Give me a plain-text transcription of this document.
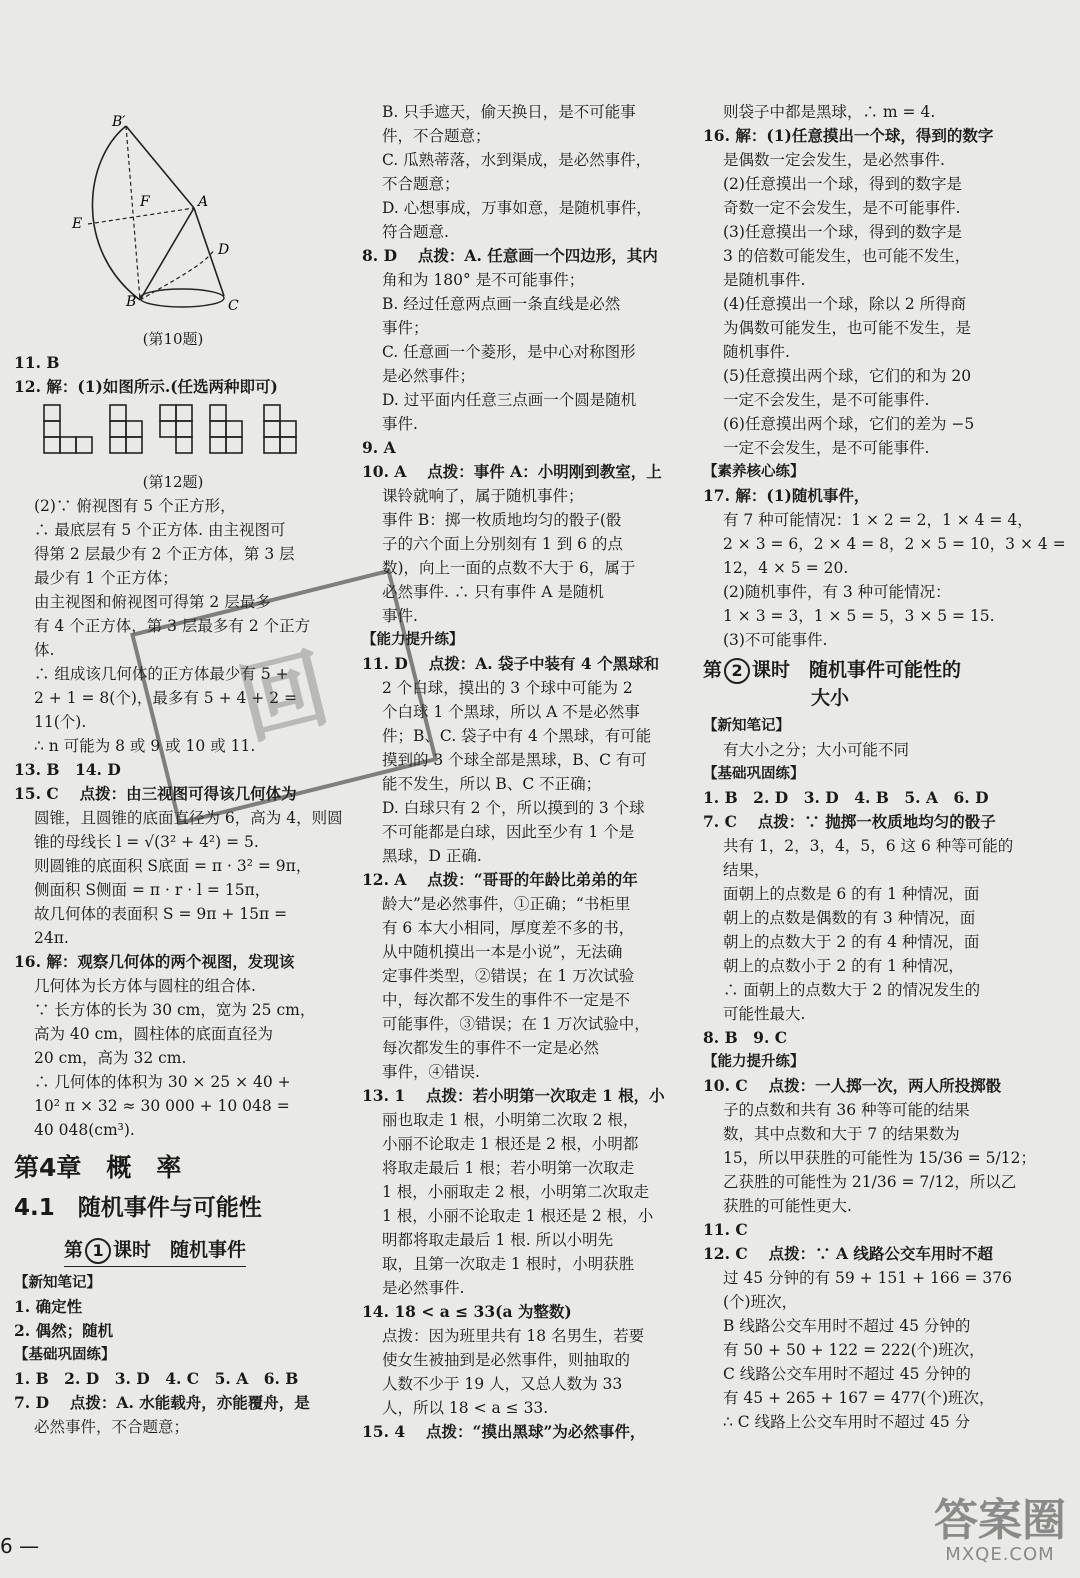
B′
F	A
E
D
B	C
(第10题)
11. B
12. 解：(1)如图所示.(任选两种即可)
(第12题)
(2)∵ 俯视图有 5 个正方形，
∴ 最底层有 5 个正方体. 由主视图可
得第 2 层最少有 2 个正方体，第 3 层
最少有 1 个正方体；
由主视图和俯视图可得第 2 层最多
有 4 个正方体，第 3 层最多有 2 个正方
体.
∴ 组成该几何体的正方体最少有 5 +
2 + 1 = 8(个)，最多有 5 + 4 + 2 =
11(个).
∴ n 可能为 8 或 9 或 10 或 11.
13. B　14. D
15. C　 点拨：由三视图可得该几何体为
圆锥，且圆锥的底面直径为 6，高为 4，则圆
锥的母线长 l = √(3² + 4²) = 5.
则圆锥的底面积 S底面 = π · 3² = 9π，
侧面积 S侧面 = π · r · l = 15π，
故几何体的表面积 S = 9π + 15π =
24π.
16. 解：观察几何体的两个视图，发现该
几何体为长方体与圆柱的组合体.
∵ 长方体的长为 30 cm，宽为 25 cm，
高为 40 cm，圆柱体的底面直径为
20 cm，高为 32 cm.
∴ 几何体的体积为 30 × 25 × 40 +
10² π × 32 ≈ 30 000 + 10 048 =
40 048(cm³).
第4章　概　率
4.1　随机事件与可能性
第 1 课时　随机事件
【新知笔记】
1. 确定性
2. 偶然；随机
【基础巩固练】
1. B　2. D　3. D　4. C　5. A　6. B
7. D　 点拨：A. 水能载舟，亦能覆舟，是
必然事件，不合题意；
B. 只手遮天，偷天换日，是不可能事
件，不合题意；
C. 瓜熟蒂落，水到渠成，是必然事件，
不合题意；
D. 心想事成，万事如意，是随机事件，
符合题意.
8. D　 点拨：A. 任意画一个四边形，其内
角和为 180° 是不可能事件；
B. 经过任意两点画一条直线是必然
事件；
C. 任意画一个菱形，是中心对称图形
是必然事件；
D. 过平面内任意三点画一个圆是随机
事件.
9. A
10. A　 点拨：事件 A：小明刚到教室，上
课铃就响了，属于随机事件；
事件 B：掷一枚质地均匀的骰子(骰
子的六个面上分别刻有 1 到 6 的点
数)，向上一面的点数不大于 6，属于
必然事件. ∴ 只有事件 A 是随机
事件.
【能力提升练】
11. D　 点拨：A. 袋子中装有 4 个黑球和
2 个白球，摸出的 3 个球中可能为 2
个白球 1 个黑球，所以 A 不是必然事
件；B、C. 袋子中有 4 个黑球，有可能
摸到的 3 个球全部是黑球，B、C 有可
能不发生，所以 B、C 不正确；
D. 白球只有 2 个，所以摸到的 3 个球
不可能都是白球，因此至少有 1 个是
黑球，D 正确.
12. A　 点拨：“哥哥的年龄比弟弟的年
龄大”是必然事件，①正确；“书柜里
有 6 本大小相同，厚度差不多的书，
从中随机摸出一本是小说”，无法确
定事件类型，②错误；在 1 万次试验
中，每次都不发生的事件不一定是不
可能事件，③错误；在 1 万次试验中，
每次都发生的事件不一定是必然
事件，④错误.
13. 1　 点拨：若小明第一次取走 1 根，小
丽也取走 1 根，小明第二次取 2 根，
小丽不论取走 1 根还是 2 根，小明都
将取走最后 1 根；若小明第一次取走
1 根，小丽取走 2 根，小明第二次取走
1 根，小丽不论取走 1 根还是 2 根，小
明都将取走最后 1 根. 所以小明先
取，且第一次取走 1 根时，小明获胜
是必然事件.
14. 18 < a ≤ 33(a 为整数)
点拨：因为班里共有 18 名男生，若要
使女生被抽到是必然事件，则抽取的
人数不少于 19 人，又总人数为 33
人，所以 18 < a ≤ 33.
15. 4　 点拨：“摸出黑球”为必然事件，
则袋子中都是黑球，∴ m = 4.
16. 解：(1)任意摸出一个球，得到的数字
是偶数一定会发生，是必然事件.
(2)任意摸出一个球，得到的数字是
奇数一定不会发生，是不可能事件.
(3)任意摸出一个球，得到的数字是
3 的倍数可能发生，也可能不发生，
是随机事件.
(4)任意摸出一个球，除以 2 所得商
为偶数可能发生，也可能不发生，是
随机事件.
(5)任意摸出两个球，它们的和为 20
一定不会发生，是不可能事件.
(6)任意摸出两个球，它们的差为 −5
一定不会发生，是不可能事件.
【素养核心练】
17. 解：(1)随机事件，
有 7 种可能情况：1 × 2 = 2，1 × 4 = 4，
2 × 3 = 6，2 × 4 = 8，2 × 5 = 10，3 × 4 =
12，4 × 5 = 20.
(2)随机事件，有 3 种可能情况：
1 × 3 = 3，1 × 5 = 5，3 × 5 = 15.
(3)不可能事件.
第 2 课时　随机事件可能性的
大小
【新知笔记】
有大小之分；大小可能不同
【基础巩固练】
1. B　2. D　3. D　4. B　5. A　6. D
7. C　 点拨：∵ 抛掷一枚质地均匀的骰子
共有 1，2，3，4，5，6 这 6 种等可能的
结果，
面朝上的点数是 6 的有 1 种情况，面
朝上的点数是偶数的有 3 种情况，面
朝上的点数大于 2 的有 4 种情况，面
朝上的点数小于 2 的有 1 种情况，
∴ 面朝上的点数大于 2 的情况发生的
可能性最大.
8. B　9. C
【能力提升练】
10. C　 点拨：一人掷一次，两人所投掷骰
子的点数和共有 36 种等可能的结果
数，其中点数和大于 7 的结果数为
15，所以甲获胜的可能性为 15/36 = 5/12；
乙获胜的可能性为 21/36 = 7/12，所以乙
获胜的可能性更大.
11. C
12. C　 点拨：∵ A 线路公交车用时不超
过 45 分钟的有 59 + 151 + 166 = 376
(个)班次，
B 线路公交车用时不超过 45 分钟的
有 50 + 50 + 122 = 222(个)班次，
C 线路公交车用时不超过 45 分钟的
有 45 + 265 + 167 = 477(个)班次，
∴ C 线路上公交车用时不超过 45 分
回
6 —	答案圈
MXQE.COM
